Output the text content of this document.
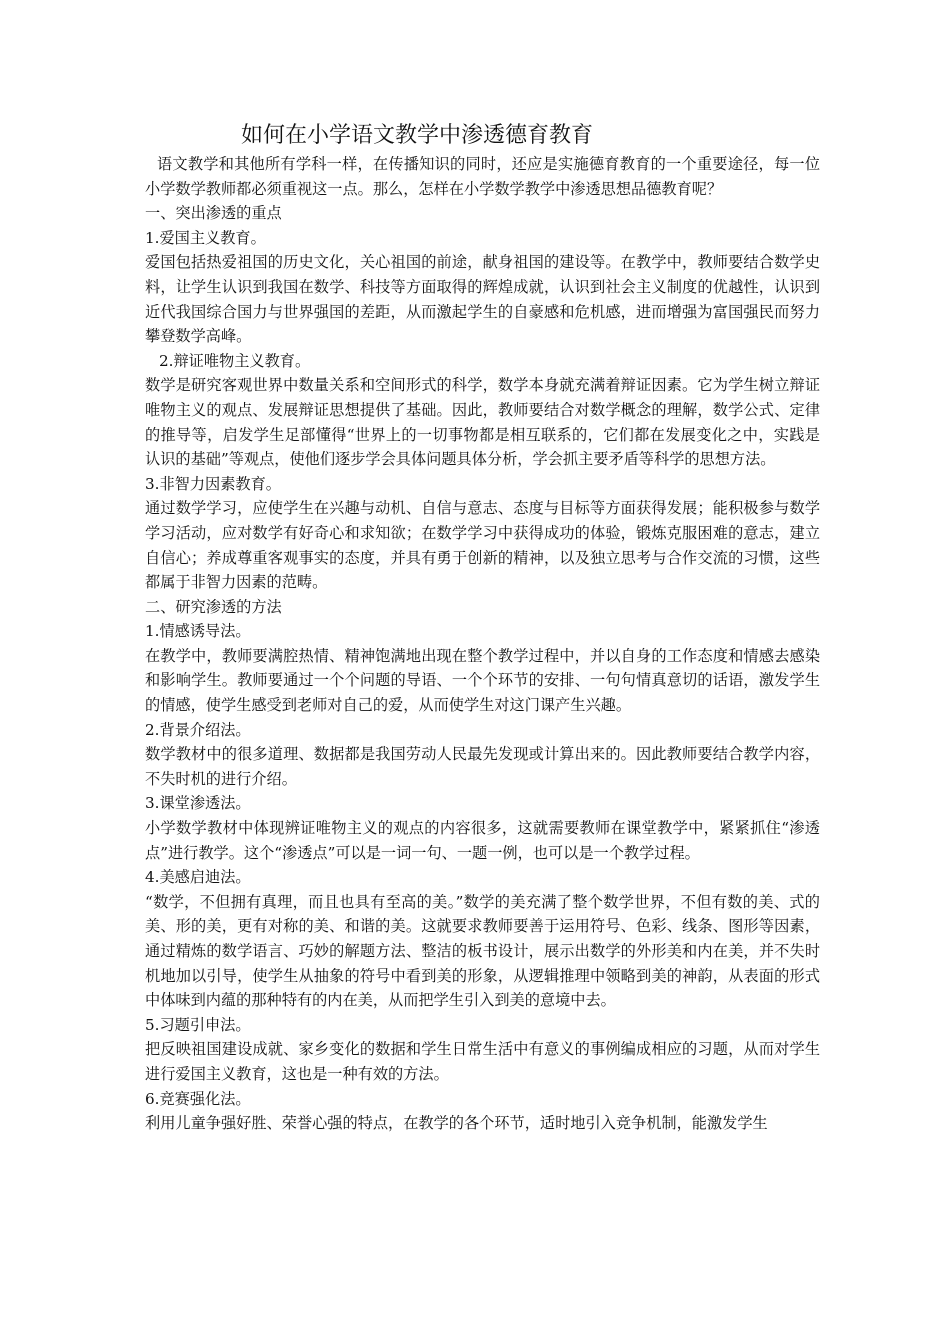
如何在小学语文教学中渗透德育教育

语文教学和其他所有学科一样，在传播知识的同时，还应是实施德育教育的一个重要途径，每一位小学数学教师都必须重视这一点。那么，怎样在小学数学教学中渗透思想品德教育呢？

一、突出渗透的重点

1.爱国主义教育。

爱国包括热爱祖国的历史文化，关心祖国的前途，献身祖国的建设等。在教学中，教师要结合数学史料，让学生认识到我国在数学、科技等方面取得的辉煌成就，认识到社会主义制度的优越性，认识到近代我国综合国力与世界强国的差距，从而激起学生的自豪感和危机感，进而增强为富国强民而努力攀登数学高峰。

2.辩证唯物主义教育。

数学是研究客观世界中数量关系和空间形式的科学，数学本身就充满着辩证因素。它为学生树立辩证唯物主义的观点、发展辩证思想提供了基础。因此，教师要结合对数学概念的理解，数学公式、定律的推导等，启发学生足部懂得“世界上的一切事物都是相互联系的，它们都在发展变化之中，实践是认识的基础”等观点，使他们逐步学会具体问题具体分析，学会抓主要矛盾等科学的思想方法。

3.非智力因素教育。

通过数学学习，应使学生在兴趣与动机、自信与意志、态度与目标等方面获得发展；能积极参与数学学习活动，应对数学有好奇心和求知欲；在数学学习中获得成功的体验，锻炼克服困难的意志，建立自信心；养成尊重客观事实的态度，并具有勇于创新的精神，以及独立思考与合作交流的习惯，这些都属于非智力因素的范畴。

二、研究渗透的方法

1.情感诱导法。

在教学中，教师要满腔热情、精神饱满地出现在整个教学过程中，并以自身的工作态度和情感去感染和影响学生。教师要通过一个个问题的导语、一个个环节的安排、一句句情真意切的话语，激发学生的情感，使学生感受到老师对自己的爱，从而使学生对这门课产生兴趣。

2.背景介绍法。

数学教材中的很多道理、数据都是我国劳动人民最先发现或计算出来的。因此教师要结合教学内容，不失时机的进行介绍。

3.课堂渗透法。

小学数学教材中体现辨证唯物主义的观点的内容很多，这就需要教师在课堂教学中，紧紧抓住“渗透点”进行教学。这个“渗透点”可以是一词一句、一题一例，也可以是一个教学过程。

4.美感启迪法。

“数学，不但拥有真理，而且也具有至高的美。”数学的美充满了整个数学世界，不但有数的美、式的美、形的美，更有对称的美、和谐的美。这就要求教师要善于运用符号、色彩、线条、图形等因素，通过精炼的数学语言、巧妙的解题方法、整洁的板书设计，展示出数学的外形美和内在美，并不失时机地加以引导，使学生从抽象的符号中看到美的形象，从逻辑推理中领略到美的神韵，从表面的形式中体味到内蕴的那种特有的内在美，从而把学生引入到美的意境中去。

5.习题引申法。

把反映祖国建设成就、家乡变化的数据和学生日常生活中有意义的事例编成相应的习题，从而对学生进行爱国主义教育，这也是一种有效的方法。

6.竞赛强化法。

利用儿童争强好胜、荣誉心强的特点，在教学的各个环节，适时地引入竞争机制，能激发学生
